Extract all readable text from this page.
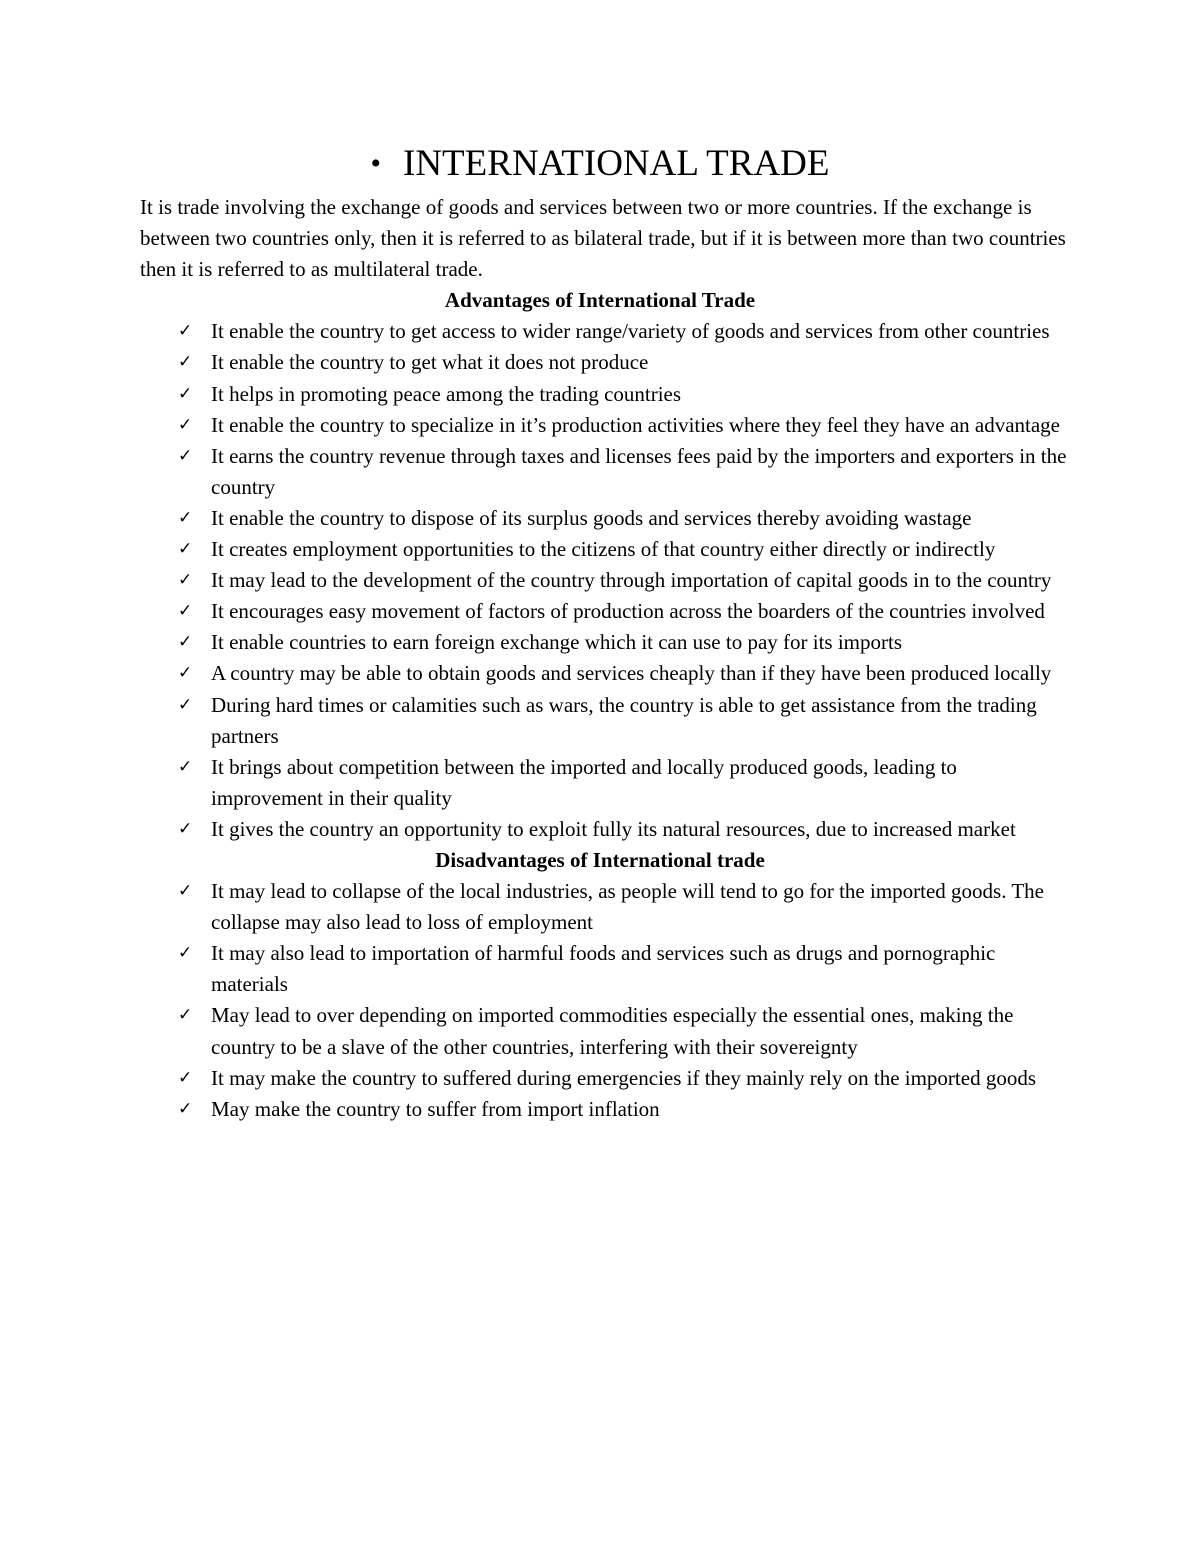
• INTERNATIONAL TRADE

It is trade involving the exchange of goods and services between two or more countries. If the exchange is between two countries only, then it is referred to as bilateral trade, but if it is between more than two countries then it is referred to as multilateral trade.

Advantages of International Trade
✓ It enable the country to get access to wider range/variety of goods and services from other countries
✓ It enable the country to get what it does not produce
✓ It helps in promoting peace among the trading countries
✓ It enable the country to specialize in it’s production activities where they feel they have an advantage
✓ It earns the country revenue through taxes and licenses fees paid by the importers and exporters in the country
✓ It enable the country to dispose of its surplus goods and services thereby avoiding wastage
✓ It creates employment opportunities to the citizens of that country either directly or indirectly
✓ It may lead to the development of the country through importation of capital goods in to the country
✓ It encourages easy movement of factors of production across the boarders of the countries involved
✓ It enable countries to earn foreign exchange which it can use to pay for its imports
✓ A country may be able to obtain goods and services cheaply than if they have been produced locally
✓ During hard times or calamities such as wars, the country is able to get assistance from the trading partners
✓ It brings about competition between the imported and locally produced goods, leading to improvement in their quality
✓ It gives the country an opportunity to exploit fully its natural resources, due to increased market
Disadvantages of International trade
✓ It may lead to collapse of the local industries, as people will tend to go for the imported goods. The collapse may also lead to loss of employment
✓ It may also lead to importation of harmful foods and services such as drugs and pornographic materials
✓ May lead to over depending on imported commodities especially the essential ones, making the country to be a slave of the other countries, interfering with their sovereignty
✓ It may make the country to suffered during emergencies if they mainly rely on the imported goods
✓ May make the country to suffer from import inflation
